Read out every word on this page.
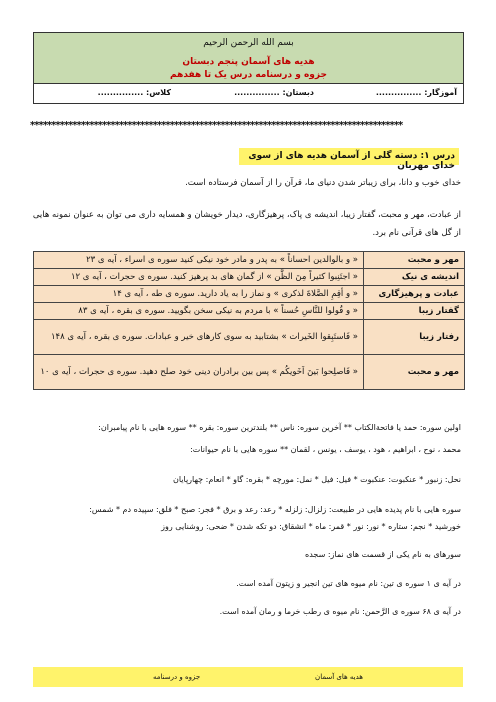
بسم الله الرحمن الرحیم
هدیه های آسمان پنجم دبستان
جزوه و درسنامه درس یک تا هفدهم
آموزگار: ...............
دبستان: ...............
کلاس: ...............
****************************************************************************************
درس ۱: دسته گلی از آسمان هدیه های از سوی خدای مهربان
خدای خوب و دانا، برای زیباتر شدن دنیای ما، قرآن را از آسمان فرستاده است.
از عبادت، مهر و محبت، گفتار زیبا، اندیشه ی پاک، پرهیزگاری، دیدار خویشان و همسایه داری می توان به عنوان نمونه هایی از گل های قرآنی نام برد.
مهر و محبت	« و بالوالدین احساناً » به پدر و مادر خود نیکی کنید سوره ی اسراء ، آیه ی ۲۳
اندیشه ی نیک	« اجتَنِبوا کثیراً مِنَ الظَّن » از گمان های بد پرهیز کنید. سوره ی حجرات ، آیه ی ۱۲
عبادت و پرهیزگاری	« و أقِمِ الصَّلاةَ لذکری » و نماز را به یاد دارید. سوره ی طه ، آیه ی ۱۴
گفتار زیبا	« و قُولوا للنَّاسِ حُسناً » با مردم به نیکی سخن بگویید. سوره ی بقره ، آیه ی ۸۳
رفتار زیبا	« فَاستَبِقوا الخَیرات » بشتابید به سوی کارهای خیر و عبادات. سوره ی بقره ، آیه ی ۱۴۸
مهر و محبت	« فَاصلِحوا بَینَ اَخَویکُم » پس بین برادران دینی خود صلح دهید. سوره ی حجرات ، آیه ی ۱۰
اولین سوره: حمد یا فاتحةالکتاب ** آخرین سوره: ناس ** بلندترین سوره: بقره ** سوره هایی با نام پیامبران:
محمد ، نوح ، ابراهیم ، هود ، یوسف ، یونس ، لقمان ** سوره هایی با نام حیوانات:
نحل: زنبور * عنکبوت: عنکبوت * فیل: فیل * نمل: مورچه * بقره: گاو * انعام: چهارپایان
سوره هایی با نام پدیده هایی در طبیعت: زلزال: زلزله * رعد: رعد و برق * فجر: صبح * فلق: سپیده دم * شمس:
خورشید * نجم: ستاره * نور: نور * قمر: ماه * انشقاق: دو تکه شدن * ضحی: روشنایی روز
سورهای به نام یکی از قسمت های نماز: سجده
در آیه ی ۱ سوره ی تین: نام میوه های تین انجیر و زیتون آمده است.
در آیه ی ۶۸ سوره ی الرَّحمن: نام میوه ی رطب خرما و رمان آمده است.
هدیه های آسمان
جزوه و درسنامه
